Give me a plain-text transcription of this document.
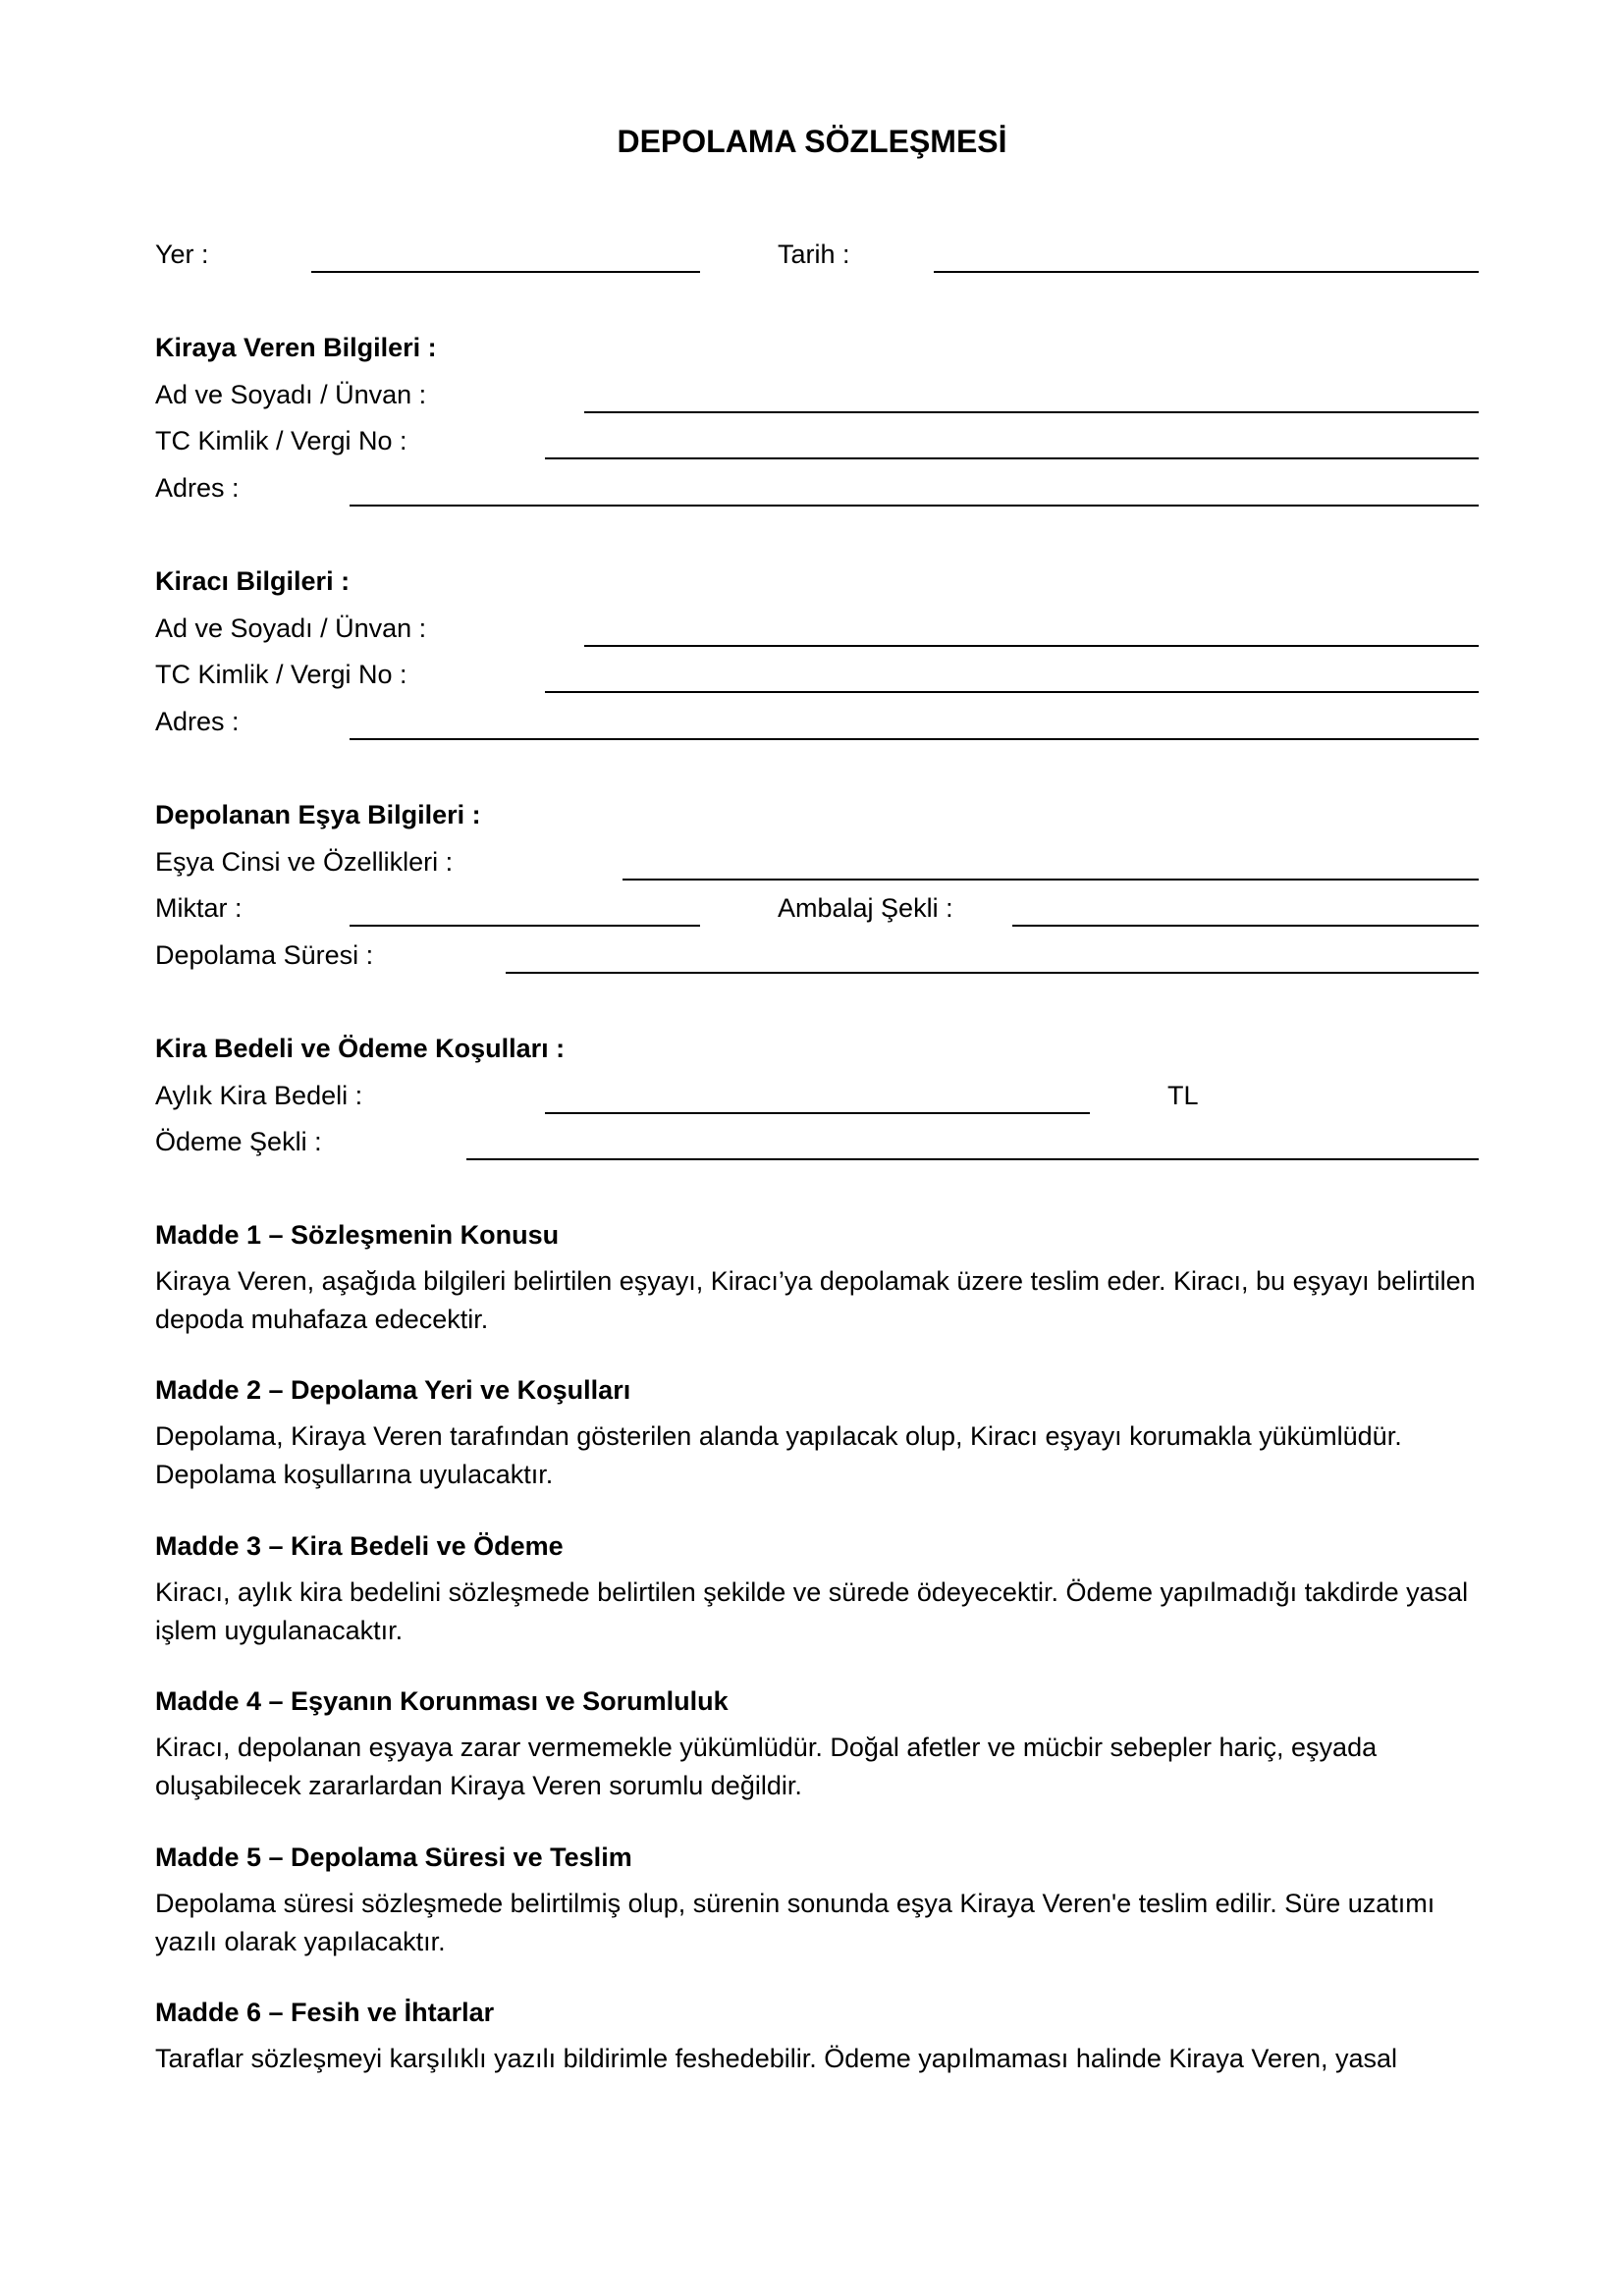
DEPOLAMA SÖZLEŞMESİ
Yer :	Tarih :
Kiraya Veren Bilgileri :
Ad ve Soyadı / Ünvan :
TC Kimlik / Vergi No :
Adres :
Kiracı Bilgileri :
Ad ve Soyadı / Ünvan :
TC Kimlik / Vergi No :
Adres :
Depolanan Eşya Bilgileri :
Eşya Cinsi ve Özellikleri :
Miktar :	Ambalaj Şekli :
Depolama Süresi :
Kira Bedeli ve Ödeme Koşulları :
Aylık Kira Bedeli :	TL
Ödeme Şekli :
Madde 1 – Sözleşmenin Konusu
Kiraya Veren, aşağıda bilgileri belirtilen eşyayı, Kiracı’ya depolamak üzere teslim eder. Kiracı, bu eşyayı belirtilen depoda muhafaza edecektir.
Madde 2 – Depolama Yeri ve Koşulları
Depolama, Kiraya Veren tarafından gösterilen alanda yapılacak olup, Kiracı eşyayı korumakla yükümlüdür. Depolama koşullarına uyulacaktır.
Madde 3 – Kira Bedeli ve Ödeme
Kiracı, aylık kira bedelini sözleşmede belirtilen şekilde ve sürede ödeyecektir. Ödeme yapılmadığı takdirde yasal işlem uygulanacaktır.
Madde 4 – Eşyanın Korunması ve Sorumluluk
Kiracı, depolanan eşyaya zarar vermemekle yükümlüdür. Doğal afetler ve mücbir sebepler hariç, eşyada oluşabilecek zararlardan Kiraya Veren sorumlu değildir.
Madde 5 – Depolama Süresi ve Teslim
Depolama süresi sözleşmede belirtilmiş olup, sürenin sonunda eşya Kiraya Veren'e teslim edilir. Süre uzatımı yazılı olarak yapılacaktır.
Madde 6 – Fesih ve İhtarlar
Taraflar sözleşmeyi karşılıklı yazılı bildirimle feshedebilir. Ödeme yapılmaması halinde Kiraya Veren, yasal
